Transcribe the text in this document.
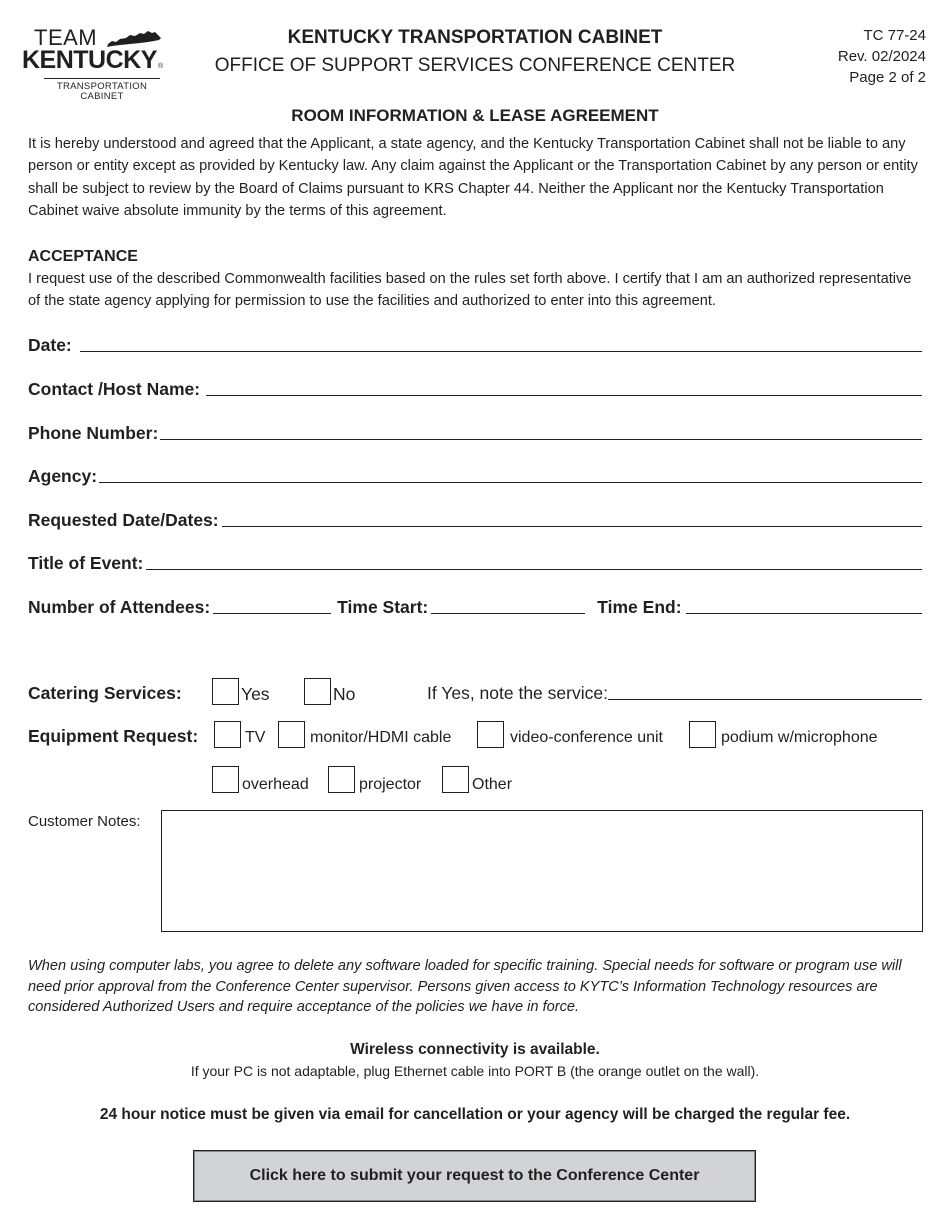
TEAM
KENTUCKY ®
TRANSPORTATION
CABINET
KENTUCKY TRANSPORTATION CABINET
OFFICE OF SUPPORT SERVICES CONFERENCE CENTER
TC 77-24
Rev. 02/2024
Page 2 of 2
ROOM INFORMATION & LEASE AGREEMENT
It is hereby understood and agreed that the Applicant, a state agency, and the Kentucky Transportation Cabinet shall not be liable to any person or entity except as provided by Kentucky law. Any claim against the Applicant or the Transportation Cabinet by any person or entity shall be subject to review by the Board of Claims pursuant to KRS Chapter 44. Neither the Applicant nor the Kentucky Transportation Cabinet waive absolute immunity by the terms of this agreement.
ACCEPTANCE
I request use of the described Commonwealth facilities based on the rules set forth above. I certify that I am an authorized representative of the state agency applying for permission to use the facilities and authorized to enter into this agreement.
Date:
Contact /Host Name:
Phone Number:
Agency:
Requested Date/Dates:
Title of Event:
Number of Attendees:	Time Start:	Time End:
Catering Services:	Yes	No	If Yes, note the service:
Equipment Request:	TV	monitor/HDMI cable	video-conference unit	podium w/microphone
overhead	projector	Other
Customer Notes:
When using computer labs, you agree to delete any software loaded for specific training. Special needs for software or program use will need prior approval from the Conference Center supervisor. Persons given access to KYTC’s Information Technology resources are considered Authorized Users and require acceptance of the policies we have in force.
Wireless connectivity is available.
If your PC is not adaptable, plug Ethernet cable into PORT B (the orange outlet on the wall).
24 hour notice must be given via email for cancellation or your agency will be charged the regular fee.
Click here to submit your request to the Conference Center
